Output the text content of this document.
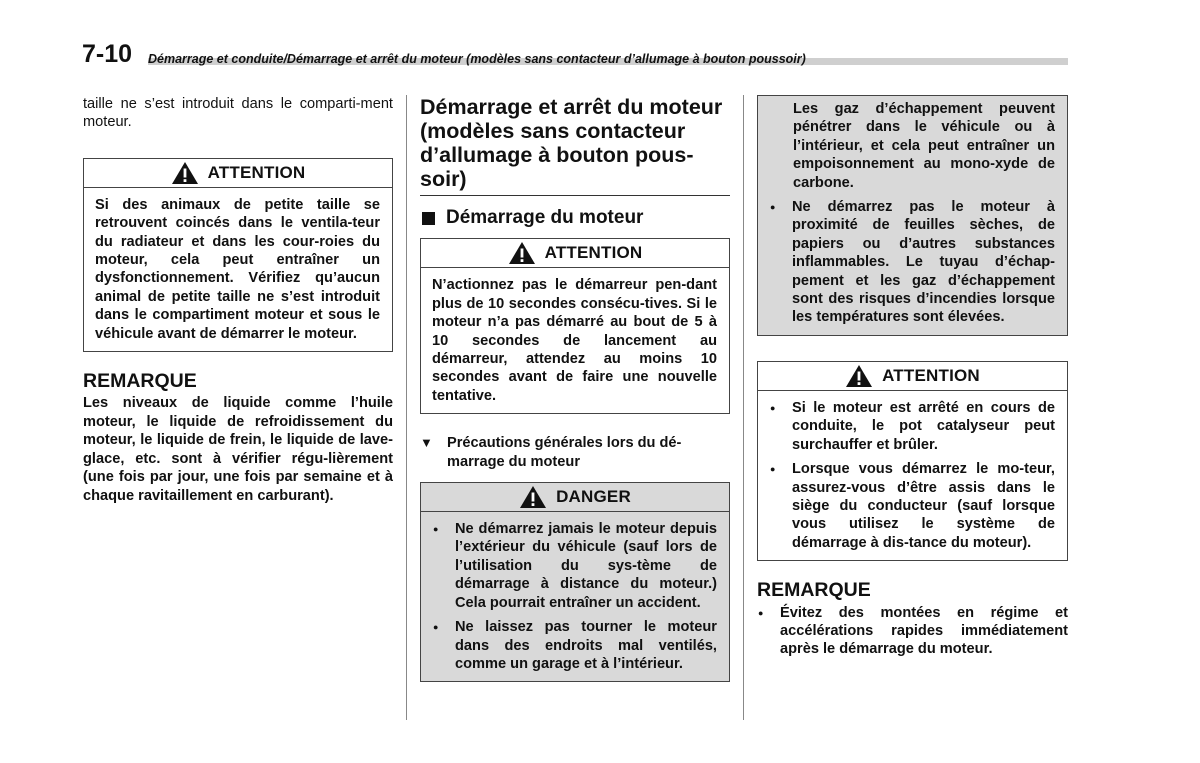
7-10 Démarrage et conduite/Démarrage et arrêt du moteur (modèles sans contacteur d’allumage à bouton poussoir)

taille ne s’est introduit dans le comparti-ment moteur.

ATTENTION
Si des animaux de petite taille se retrouvent coincés dans le ventila-teur du radiateur et dans les cour-roies du moteur, cela peut entraîner un dysfonctionnement. Vérifiez qu’aucun animal de petite taille ne s’est introduit dans le compartiment moteur et sous le véhicule avant de démarrer le moteur.
REMARQUE

Les niveaux de liquide comme l’huile moteur, le liquide de refroidissement du moteur, le liquide de frein, le liquide de lave-glace, etc. sont à vérifier régu-lièrement (une fois par jour, une fois par semaine et à chaque ravitaillement en carburant).

Démarrage et arrêt du moteur (modèles sans contacteur d’allumage à bouton pous-soir)
Démarrage du moteur
ATTENTION
N’actionnez pas le démarreur pen-dant plus de 10 secondes consécu-tives. Si le moteur n’a pas démarré au bout de 5 à 10 secondes de lancement au démarreur, attendez au moins 10 secondes avant de faire une nouvelle tentative.
▼ Précautions générales lors du dé-marrage du moteur
DANGER
● Ne démarrez jamais le moteur depuis l’extérieur du véhicule (sauf lors de l’utilisation du sys-tème de démarrage à distance du moteur.) Cela pourrait entraîner un accident.
● Ne laissez pas tourner le moteur dans des endroits mal ventilés, comme un garage et à l’intérieur.

Les gaz d’échappement peuvent pénétrer dans le véhicule ou à l’intérieur, et cela peut entraîner un empoisonnement au mono-xyde de carbone.

● Ne démarrez pas le moteur à proximité de feuilles sèches, de papiers ou d’autres substances inflammables. Le tuyau d’échap-pement et les gaz d’échappement sont des risques d’incendies lorsque les températures sont élevées.
ATTENTION
● Si le moteur est arrêté en cours de conduite, le pot catalyseur peut surchauffer et brûler.
● Lorsque vous démarrez le mo-teur, assurez-vous d’être assis dans le siège du conducteur (sauf lorsque vous utilisez le système de démarrage à dis-tance du moteur).
REMARQUE
● Évitez des montées en régime et accélérations rapides immédiatement après le démarrage du moteur.
